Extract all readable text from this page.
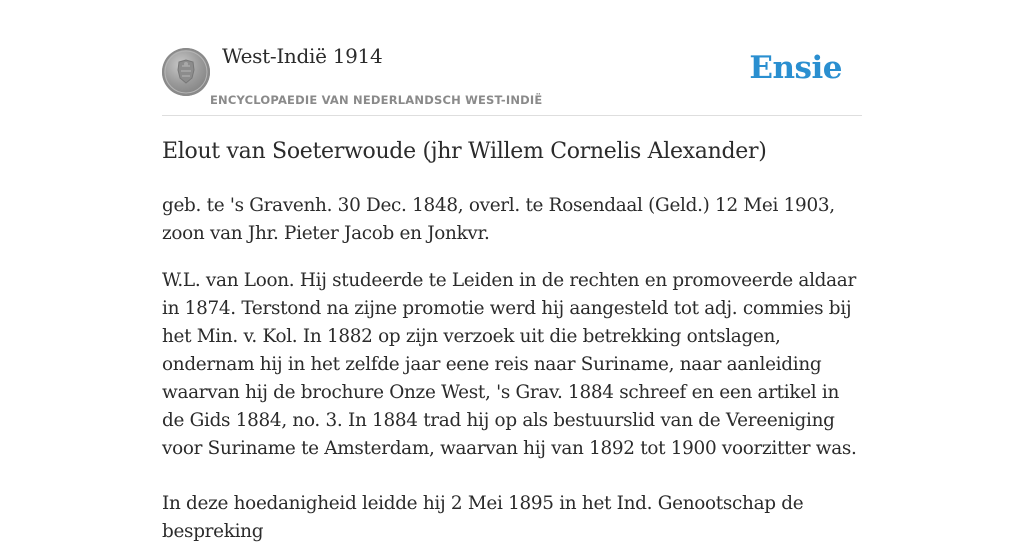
West-Indië 1914
ENCYCLOPAEDIE VAN NEDERLANDSCH WEST-INDIË
Ensie
Elout van Soeterwoude (jhr Willem Cornelis Alexander)

geb. te 's Gravenh. 30 Dec. 1848, overl. te Rosendaal (Geld.) 12 Mei 1903, zoon van Jhr. Pieter Jacob en Jonkvr.

W.L. van Loon. Hij studeerde te Leiden in de rechten en promoveerde aldaar in 1874. Terstond na zijne promotie werd hij aangesteld tot adj. commies bij het Min. v. Kol. In 1882 op zijn verzoek uit die betrekking ontslagen, ondernam hij in het zelfde jaar eene reis naar Suriname, naar aanleiding waarvan hij de brochure Onze West, 's Grav. 1884 schreef en een artikel in de Gids 1884, no. 3. In 1884 trad hij op als bestuurslid van de Vereeniging voor Suriname te Amsterdam, waarvan hij van 1892 tot 1900 voorzitter was.

In deze hoedanigheid leidde hij 2 Mei 1895 in het Ind. Genootschap de bespreking
